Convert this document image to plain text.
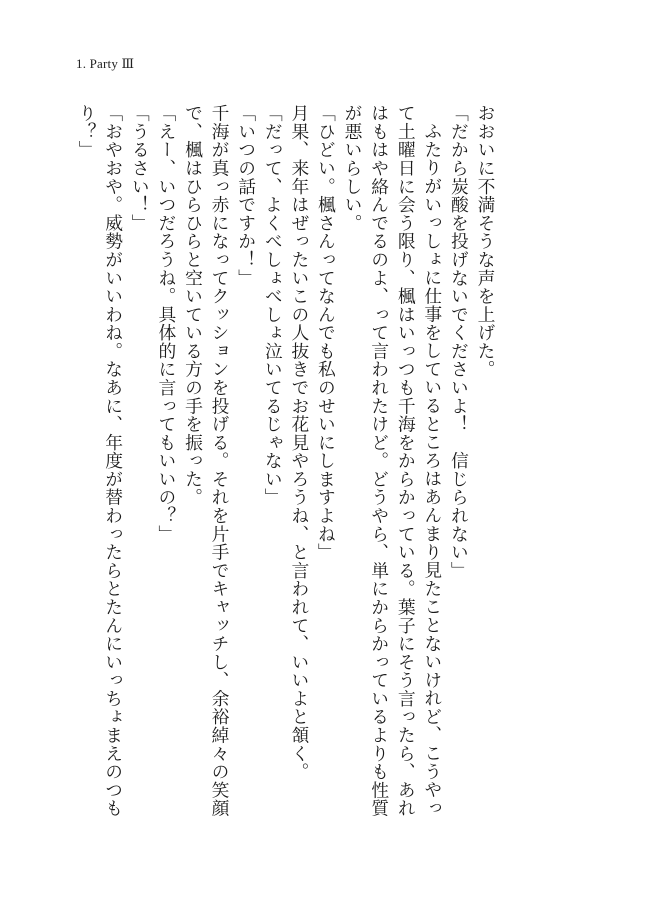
1. Party Ⅲ

おおいに不満そうな声を上げた。

「だから炭酸を投げないでくださいよ！　信じられない」

ふたりがいっしょに仕事をしているところはあんまり見たことないけれど、こうやって土曜日に会う限り、楓はいっつも千海をからかっている。葉子にそう言ったら、あれはもはや絡んでるのよ、って言われたけど。どうやら、単にからかっているよりも性質が悪いらしい。

「ひどい。楓さんってなんでも私のせいにしますよね」

月果、来年はぜったいこの人抜きでお花見やろうね、と言われて、いいよと頷く。

「だって、よくべしょべしょ泣いてるじゃない」

「いつの話ですか！」

千海が真っ赤になってクッションを投げる。それを片手でキャッチし、余裕綽々の笑顔で、楓はひらひらと空いている方の手を振った。

「えー、いつだろうね。具体的に言ってもいいの？」

「うるさい！」

「おやおや。威勢がいいわね。なあに、年度が替わったらとたんにいっちょまえのつもり？」
